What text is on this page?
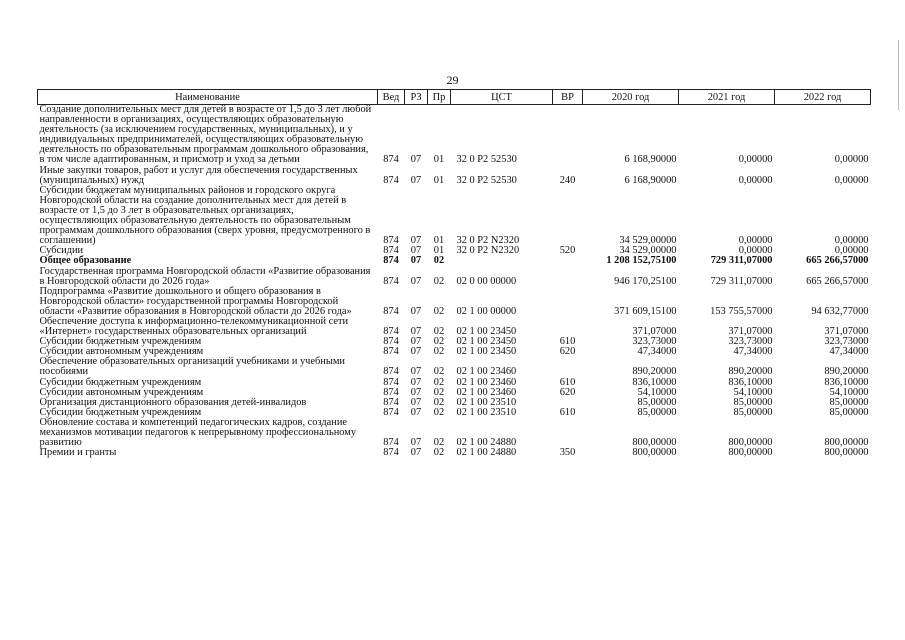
29
Наименование	Вед	РЗ	Пр	ЦСТ	ВР	2020 год	2021 год	2022 год
Создание дополнительных мест для детей в возрасте от 1,5 до 3 лет любой направленности в организациях, осуществляющих образовательную деятельность (за исключением государственных, муниципальных), и у индивидуальных предпринимателей, осуществляющих образовательную деятельность по образовательным программам дошкольного образования, в том числе адаптированным, и присмотр и уход за детьми	874	07	01	32 0 P2 52530		6 168,90000	0,00000	0,00000
Иные закупки товаров, работ и услуг для обеспечения государственных (муниципальных) нужд	874	07	01	32 0 P2 52530	240	6 168,90000	0,00000	0,00000
Субсидии бюджетам муниципальных районов и городского округа Новгородской области на создание дополнительных мест для детей в возрасте от 1,5 до 3 лет в образовательных организациях, осуществляющих образовательную деятельность по образовательным программам дошкольного образования (сверх уровня, предусмотренного в соглашении)	874	07	01	32 0 P2 N2320		34 529,00000	0,00000	0,00000
Субсидии	874	07	01	32 0 P2 N2320	520	34 529,00000	0,00000	0,00000
Общее образование	874	07	02			1 208 152,75100	729 311,07000	665 266,57000
Государственная программа Новгородской области «Развитие образования в Новгородской области до 2026 года»	874	07	02	02 0 00 00000		946 170,25100	729 311,07000	665 266,57000
Подпрограмма «Развитие дошкольного и общего образования в Новгородской области» государственной программы Новгородской области «Развитие образования в Новгородской области до 2026 года»	874	07	02	02 1 00 00000		371 609,15100	153 755,57000	94 632,77000
Обеспечение доступа к информационно-телекоммуникационной сети «Интернет» государственных образовательных организаций	874	07	02	02 1 00 23450		371,07000	371,07000	371,07000
Субсидии бюджетным учреждениям	874	07	02	02 1 00 23450	610	323,73000	323,73000	323,73000
Субсидии автономным учреждениям	874	07	02	02 1 00 23450	620	47,34000	47,34000	47,34000
Обеспечение образовательных организаций учебниками и учебными пособиями	874	07	02	02 1 00 23460		890,20000	890,20000	890,20000
Субсидии бюджетным учреждениям	874	07	02	02 1 00 23460	610	836,10000	836,10000	836,10000
Субсидии автономным учреждениям	874	07	02	02 1 00 23460	620	54,10000	54,10000	54,10000
Организация дистанционного образования детей-инвалидов	874	07	02	02 1 00 23510		85,00000	85,00000	85,00000
Субсидии бюджетным учреждениям	874	07	02	02 1 00 23510	610	85,00000	85,00000	85,00000
Обновление состава и компетенций педагогических кадров, создание механизмов мотивации педагогов к непрерывному профессиональному развитию	874	07	02	02 1 00 24880		800,00000	800,00000	800,00000
Премии и гранты	874	07	02	02 1 00 24880	350	800,00000	800,00000	800,00000
